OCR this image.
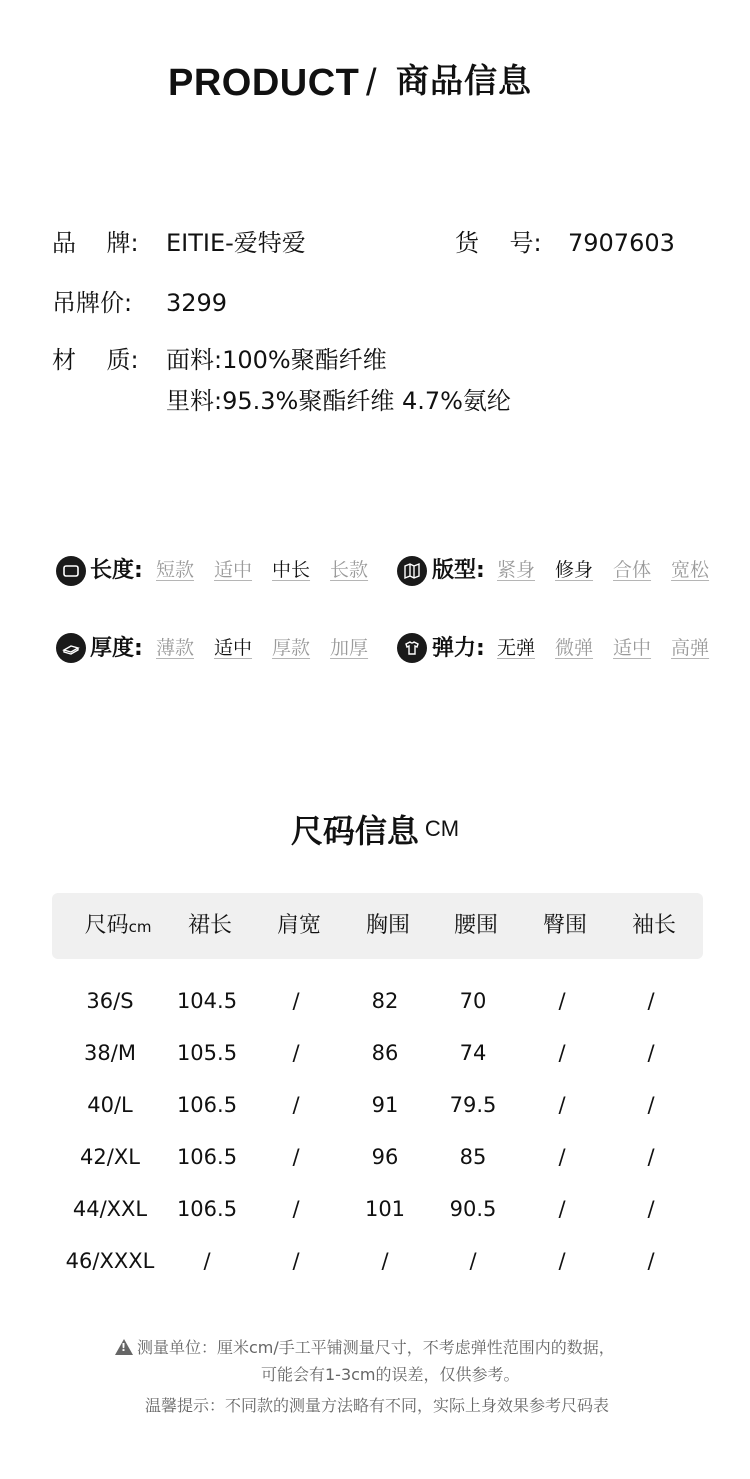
PRODUCT / 商品信息
品    牌: EITIE-爱特爱	货    号: 7907603
吊牌价: 3299
材    质: 面料:100%聚酯纤维
里料:95.3%聚酯纤维 4.7%氨纶
长度: 短款 适中 中长 长款	版型: 紧身 修身 合体 宽松
厚度: 薄款 适中 厚款 加厚	弹力: 无弹 微弹 适中 高弹
尺码信息 CM
尺码cm	裙长	肩宽	胸围	腰围	臀围	袖长
36/S	104.5	/	82	70	/	/
38/M	105.5	/	86	74	/	/
40/L	106.5	/	91	79.5	/	/
42/XL	106.5	/	96	85	/	/
44/XXL	106.5	/	101	90.5	/	/
46/XXXL	/	/	/	/	/	/
!测量单位：厘米cm/手工平铺测量尺寸，不考虑弹性范围内的数据，
可能会有1-3cm的误差，仅供参考。
温馨提示：不同款的测量方法略有不同，实际上身效果参考尺码表
